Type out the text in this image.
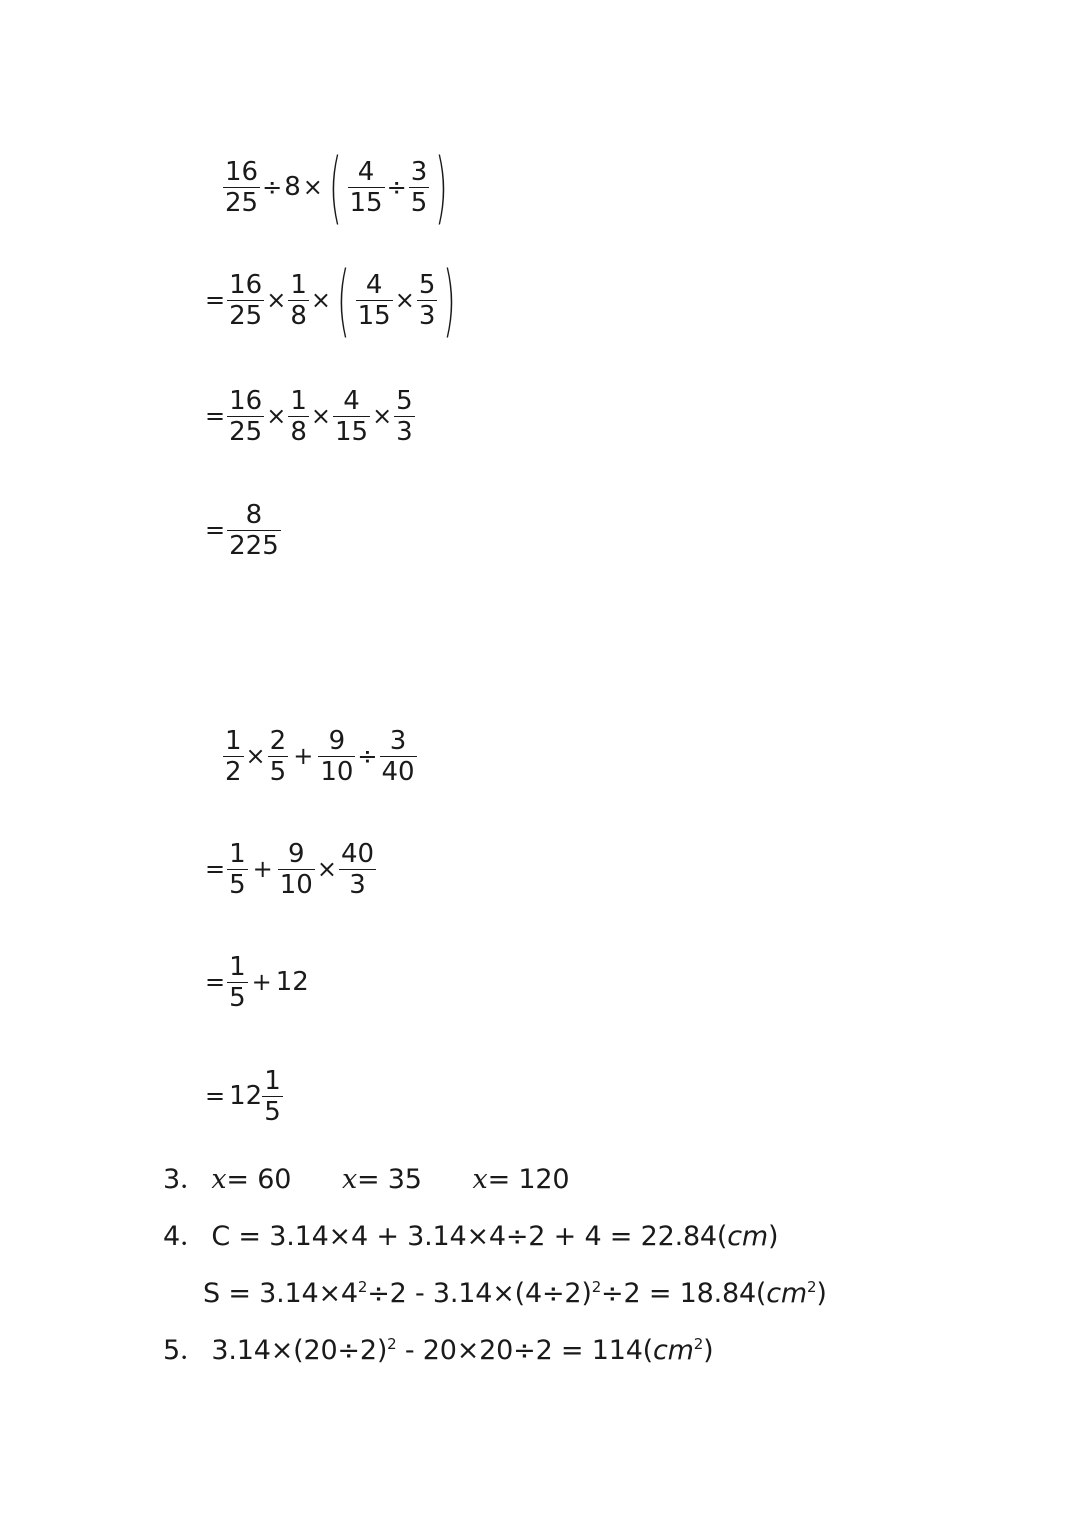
$\frac{16}{25} \div 8$ × ( $\frac{4}{15} \div \frac{3}{5}$ )
= $\frac{16}{25} \times \frac{1}{8}$ × ( $\frac{4}{15} \times \frac{5}{3}$ )
= $\frac{16}{25} \times \frac{1}{8} \times \frac{4}{15} \times \frac{5}{3}$
= $\frac{8}{225}$
$\frac{1}{2} \times \frac{2}{5} + \frac{9}{10} \div \frac{3}{40}$
= $\frac{1}{5} + \frac{9}{10} \times \frac{40}{3}$
= $\frac{1}{5} + 12$
= $12 \frac{1}{5}$
3． x= 60 x= 35 x= 120
4． C = 3.14×4 + 3.14×4÷2 + 4 = 22.84(cm)
$S = 3.14\times 4^2\div 2 - 3.14\times(4\div 2)^2\div 2 = 18.84(cm^2)$
5． $3.14\times(20\div 2)^2 - 20\times 20\div 2 = 114(cm^2)$
